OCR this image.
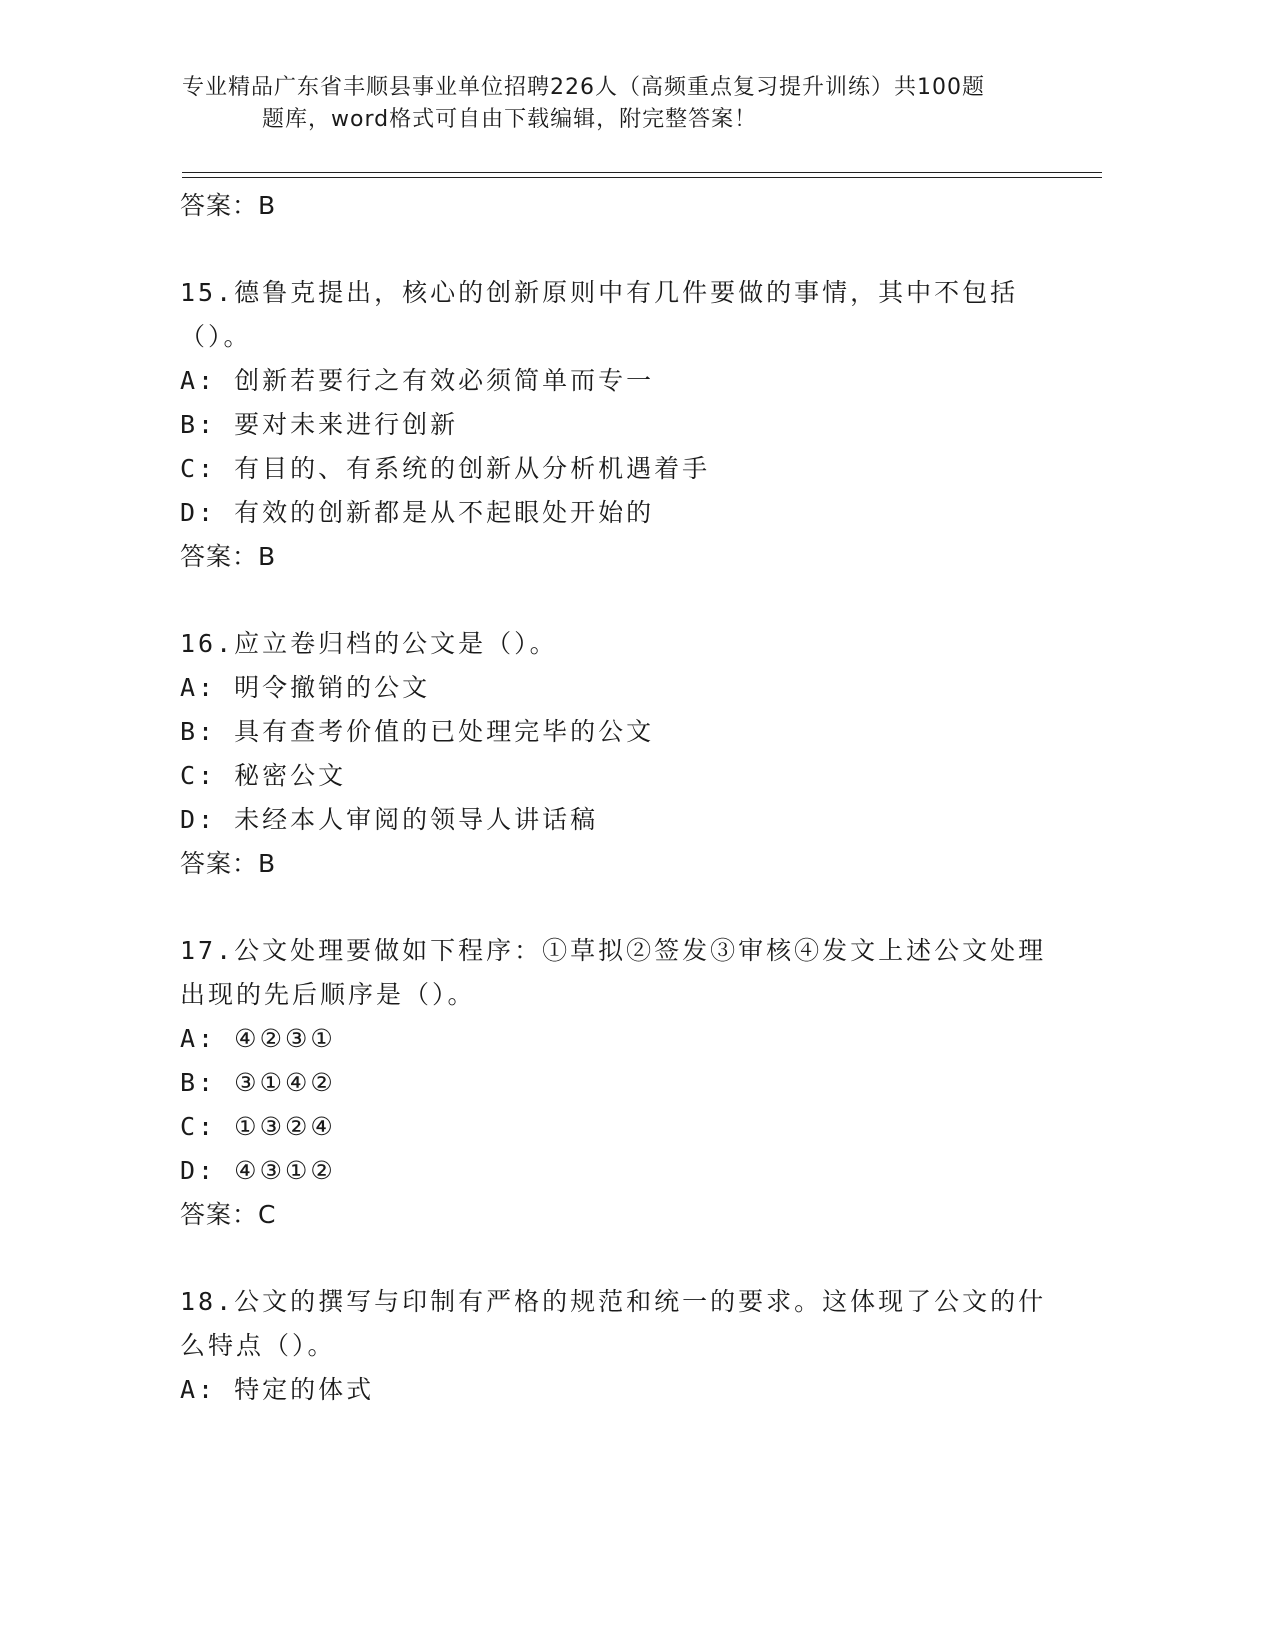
专业精品广东省丰顺县事业单位招聘226人（高频重点复习提升训练）共100题
题库，word格式可自由下载编辑，附完整答案！
答案：B
15.德鲁克提出，核心的创新原则中有几件要做的事情，其中不包括（）。
A: 创新若要行之有效必须简单而专一
B: 要对未来进行创新
C: 有目的、有系统的创新从分析机遇着手
D: 有效的创新都是从不起眼处开始的
答案：B
16.应立卷归档的公文是（）。
A: 明令撤销的公文
B: 具有查考价值的已处理完毕的公文
C: 秘密公文
D: 未经本人审阅的领导人讲话稿
答案：B
17.公文处理要做如下程序：①草拟②签发③审核④发文上述公文处理出现的先后顺序是（）。
A: ④②③①
B: ③①④②
C: ①③②④
D: ④③①②
答案：C
18.公文的撰写与印制有严格的规范和统一的要求。这体现了公文的什么特点（）。
A: 特定的体式
